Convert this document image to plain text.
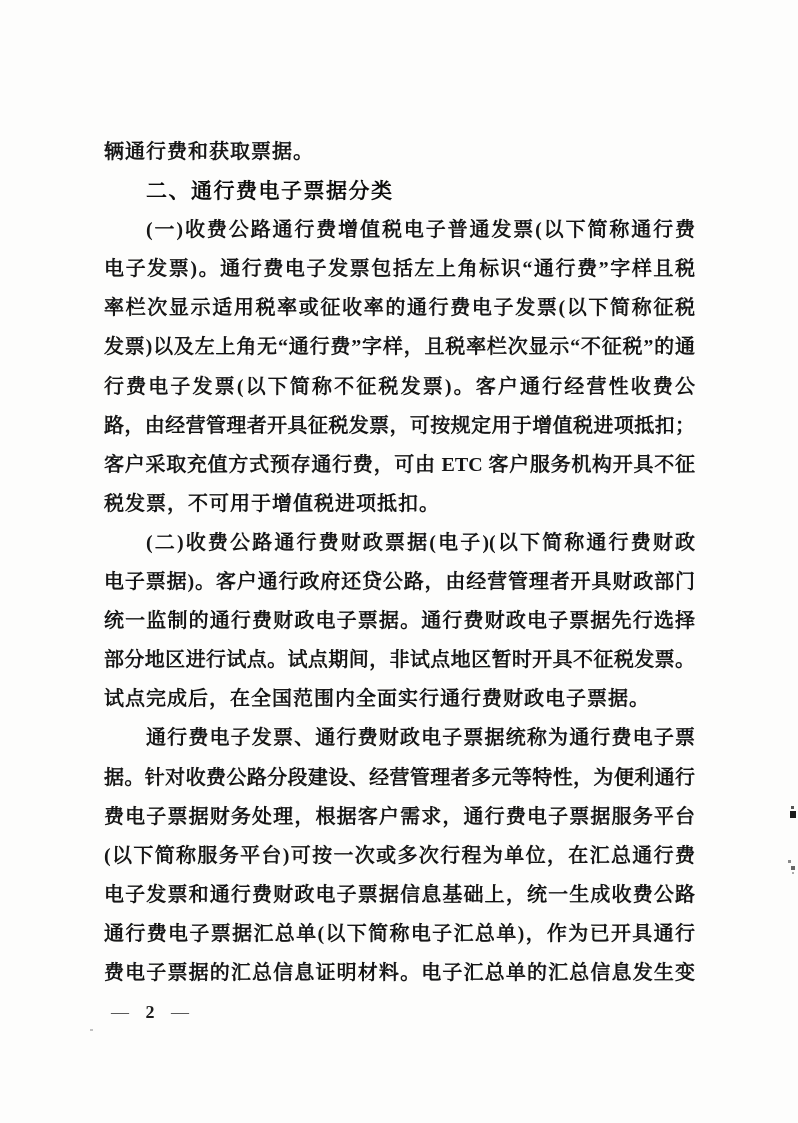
辆通行费和获取票据。
二、通行费电子票据分类
(一)收费公路通行费增值税电子普通发票(以下简称通行费
电子发票)。通行费电子发票包括左上角标识“通行费”字样且税
率栏次显示适用税率或征收率的通行费电子发票(以下简称征税
发票)以及左上角无“通行费”字样，且税率栏次显示“不征税”的通
行费电子发票(以下简称不征税发票)。客户通行经营性收费公
路，由经营管理者开具征税发票，可按规定用于增值税进项抵扣；
客户采取充值方式预存通行费，可由 ETC 客户服务机构开具不征
税发票，不可用于增值税进项抵扣。
(二)收费公路通行费财政票据(电子)(以下简称通行费财政
电子票据)。客户通行政府还贷公路，由经营管理者开具财政部门
统一监制的通行费财政电子票据。通行费财政电子票据先行选择
部分地区进行试点。试点期间，非试点地区暂时开具不征税发票。
试点完成后，在全国范围内全面实行通行费财政电子票据。
通行费电子发票、通行费财政电子票据统称为通行费电子票
据。针对收费公路分段建设、经营管理者多元等特性，为便利通行
费电子票据财务处理，根据客户需求，通行费电子票据服务平台
(以下简称服务平台)可按一次或多次行程为单位，在汇总通行费
电子发票和通行费财政电子票据信息基础上，统一生成收费公路
通行费电子票据汇总单(以下简称电子汇总单)，作为已开具通行
费电子票据的汇总信息证明材料。电子汇总单的汇总信息发生变
— 2 —
